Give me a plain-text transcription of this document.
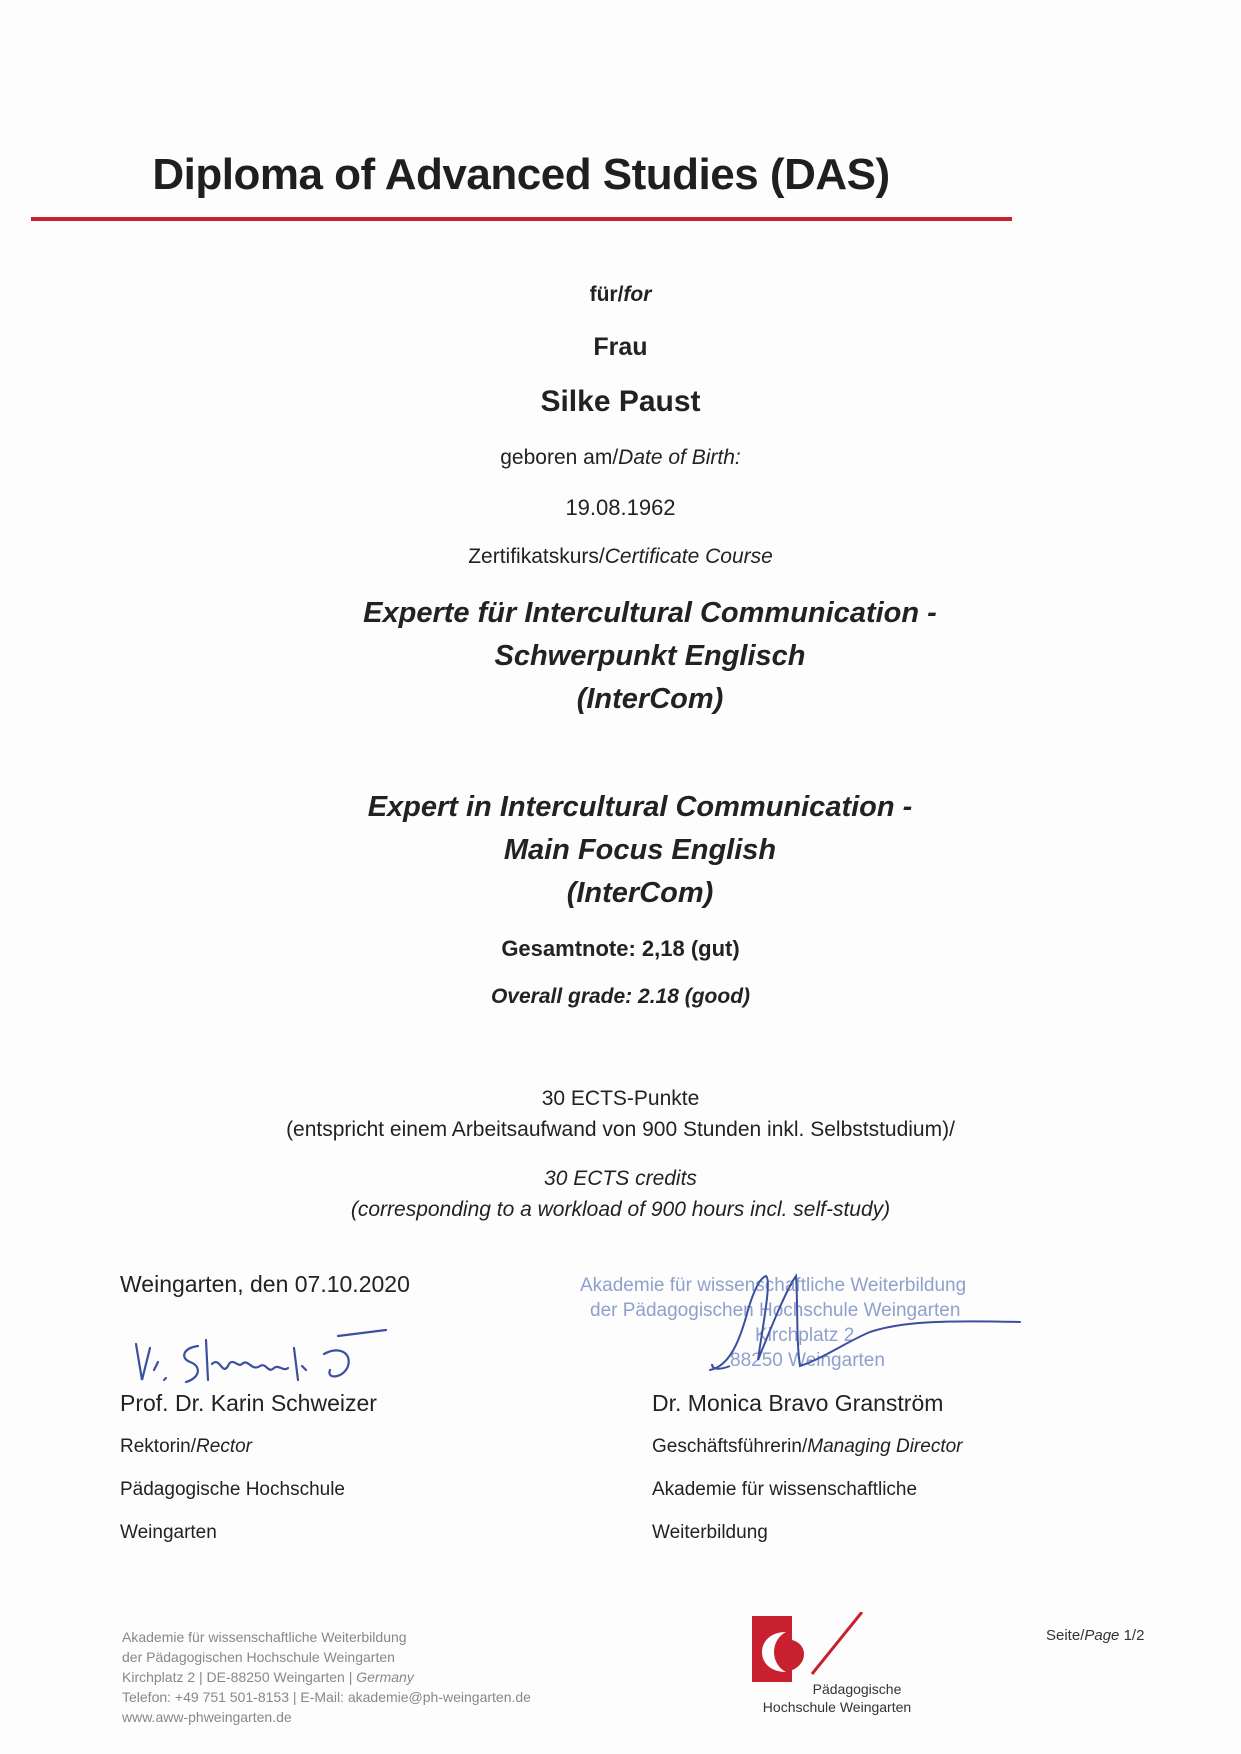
Diploma of Advanced Studies (DAS)
für/for
Frau
Silke Paust
geboren am/Date of Birth:
19.08.1962
Zertifikatskurs/Certificate Course
Experte für Intercultural Communication -
Schwerpunkt Englisch
(InterCom)
Expert in Intercultural Communication -
Main Focus English
(InterCom)
Gesamtnote: 2,18 (gut)
Overall grade: 2.18 (good)
30 ECTS-Punkte
(entspricht einem Arbeitsaufwand von 900 Stunden inkl. Selbststudium)/
30 ECTS credits
(corresponding to a workload of 900 hours incl. self-study)
Weingarten, den 07.10.2020	Akademie für wissenschaftliche Weiterbildung
der Pädagogischen Hochschule Weingarten
Kirchplatz 2
88250 Weingarten
Prof. Dr. Karin Schweizer
Rektorin/Rector
Pädagogische Hochschule
Weingarten
Dr. Monica Bravo Granström
Geschäftsführerin/Managing Director
Akademie für wissenschaftliche
Weiterbildung
Akademie für wissenschaftliche Weiterbildung
der Pädagogischen Hochschule Weingarten
Kirchplatz 2 | DE-88250 Weingarten | Germany
Telefon: +49 751 501-8153 | E-Mail: akademie@ph-weingarten.de
www.aww-phweingarten.de
Pädagogische
Hochschule Weingarten
Seite/Page 1/2
